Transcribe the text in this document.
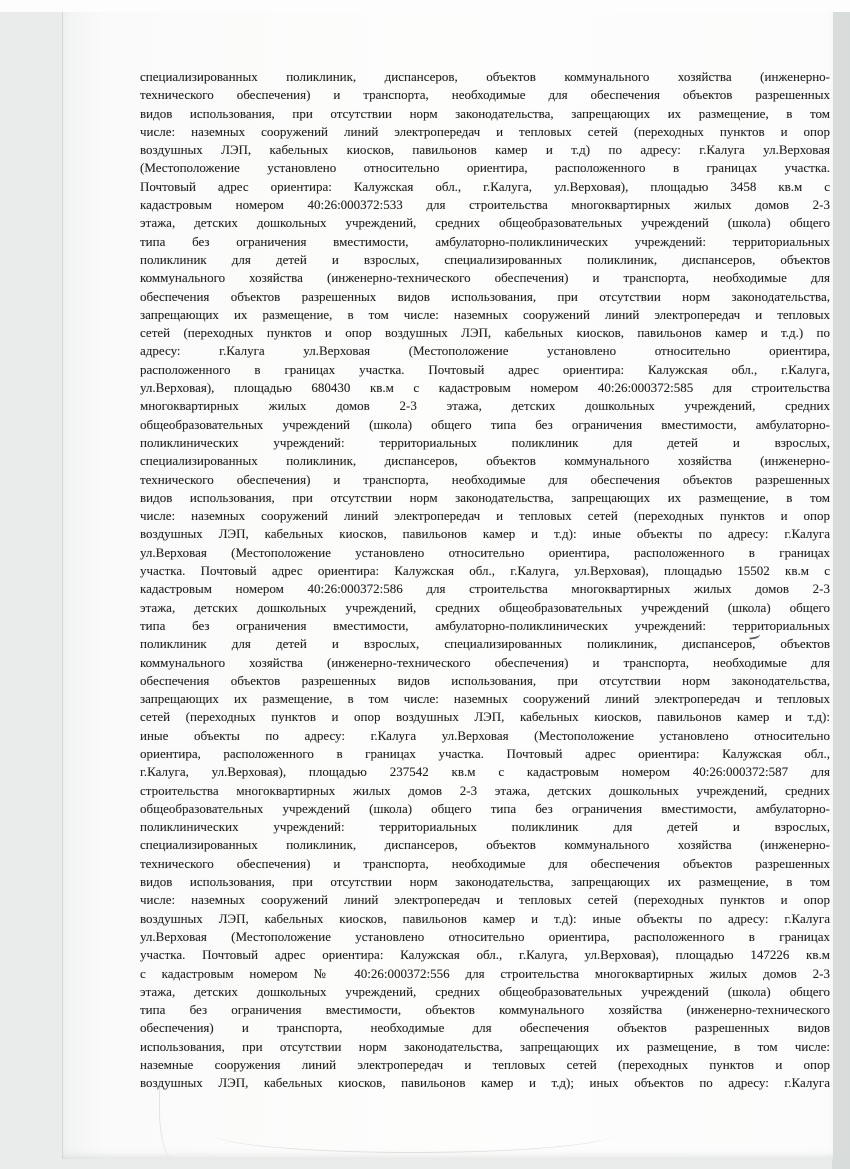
специализированных поликлиник, диспансеров, объектов коммунального хозяйства (инженерно-
технического обеспечения) и транспорта, необходимые для обеспечения объектов разрешенных
видов использования, при отсутствии норм законодательства, запрещающих их размещение, в том
числе: наземных сооружений линий электропередач и тепловых сетей (переходных пунктов и опор
воздушных ЛЭП, кабельных киосков, павильонов камер и т.д) по адресу: г.Калуга ул.Верховая
(Местоположение установлено относительно ориентира, расположенного в границах участка.
Почтовый адрес ориентира: Калужская обл., г.Калуга, ул.Верховая), площадью 3458 кв.м с
кадастровым номером 40:26:000372:533 для строительства многоквартирных жилых домов 2-3
этажа, детских дошкольных учреждений, средних общеобразовательных учреждений (школа) общего
типа без ограничения вместимости, амбулаторно-поликлинических учреждений: территориальных
поликлиник для детей и взрослых, специализированных поликлиник, диспансеров, объектов
коммунального хозяйства (инженерно-технического обеспечения) и транспорта, необходимые для
обеспечения объектов разрешенных видов использования, при отсутствии норм законодательства,
запрещающих их размещение, в том числе: наземных сооружений линий электропередач и тепловых
сетей (переходных пунктов и опор воздушных ЛЭП, кабельных киосков, павильонов камер и т.д.) по
адресу: г.Калуга ул.Верховая (Местоположение установлено относительно ориентира,
расположенного в границах участка. Почтовый адрес ориентира: Калужская обл., г.Калуга,
ул.Верховая), площадью 680430 кв.м с кадастровым номером 40:26:000372:585 для строительства
многоквартирных жилых домов 2-3 этажа, детских дошкольных учреждений, средних
общеобразовательных учреждений (школа) общего типа без ограничения вместимости, амбулаторно-
поликлинических учреждений: территориальных поликлиник для детей и взрослых,
специализированных поликлиник, диспансеров, объектов коммунального хозяйства (инженерно-
технического обеспечения) и транспорта, необходимые для обеспечения объектов разрешенных
видов использования, при отсутствии норм законодательства, запрещающих их размещение, в том
числе: наземных сооружений линий электропередач и тепловых сетей (переходных пунктов и опор
воздушных ЛЭП, кабельных киосков, павильонов камер и т.д): иные объекты по адресу: г.Калуга
ул.Верховая (Местоположение установлено относительно ориентира, расположенного в границах
участка. Почтовый адрес ориентира: Калужская обл., г.Калуга, ул.Верховая), площадью 15502 кв.м с
кадастровым номером 40:26:000372:586 для строительства многоквартирных жилых домов 2-3
этажа, детских дошкольных учреждений, средних общеобразовательных учреждений (школа) общего
типа без ограничения вместимости, амбулаторно-поликлинических учреждений: территориальных
поликлиник для детей и взрослых, специализированных поликлиник, диспансеров, объектов
коммунального хозяйства (инженерно-технического обеспечения) и транспорта, необходимые для
обеспечения объектов разрешенных видов использования, при отсутствии норм законодательства,
запрещающих их размещение, в том числе: наземных сооружений линий электропередач и тепловых
сетей (переходных пунктов и опор воздушных ЛЭП, кабельных киосков, павильонов камер и т.д):
иные объекты по адресу: г.Калуга ул.Верховая (Местоположение установлено относительно
ориентира, расположенного в границах участка. Почтовый адрес ориентира: Калужская обл.,
г.Калуга, ул.Верховая), площадью 237542 кв.м с кадастровым номером 40:26:000372:587 для
строительства многоквартирных жилых домов 2-3 этажа, детских дошкольных учреждений, средних
общеобразовательных учреждений (школа) общего типа без ограничения вместимости, амбулаторно-
поликлинических учреждений: территориальных поликлиник для детей и взрослых,
специализированных поликлиник, диспансеров, объектов коммунального хозяйства (инженерно-
технического обеспечения) и транспорта, необходимые для обеспечения объектов разрешенных
видов использования, при отсутствии норм законодательства, запрещающих их размещение, в том
числе: наземных сооружений линий электропередач и тепловых сетей (переходных пунктов и опор
воздушных ЛЭП, кабельных киосков, павильонов камер и т.д): иные объекты по адресу: г.Калуга
ул.Верховая (Местоположение установлено относительно ориентира, расположенного в границах
участка. Почтовый адрес ориентира: Калужская обл., г.Калуга, ул.Верховая), площадью 147226 кв.м
с кадастровым номером № 40:26:000372:556 для строительства многоквартирных жилых домов 2-3
этажа, детских дошкольных учреждений, средних общеобразовательных учреждений (школа) общего
типа без ограничения вместимости, объектов коммунального хозяйства (инженерно-технического
обеспечения) и транспорта, необходимые для обеспечения объектов разрешенных видов
использования, при отсутствии норм законодательства, запрещающих их размещение, в том числе:
наземные сооружения линий электропередач и тепловых сетей (переходных пунктов и опор
воздушных ЛЭП, кабельных киосков, павильонов камер и т.д); иных объектов по адресу: г.Калуга
